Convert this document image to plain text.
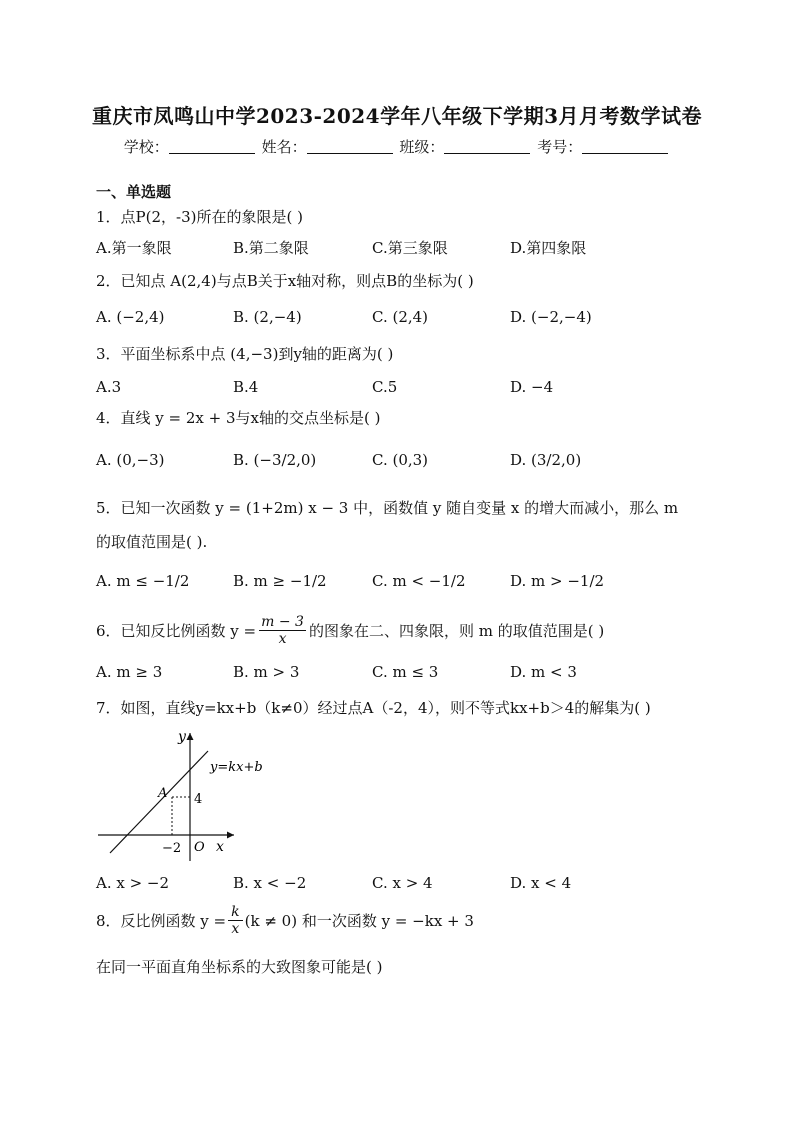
重庆市凤鸣山中学2023-2024学年八年级下学期3月月考数学试卷
学校：	姓名：	班级：	考号：
一、单选题
1．点P(2，-3)所在的象限是( )
A.第一象限	B.第二象限	C.第三象限	D.第四象限
2．已知点 A(2,4)与点B关于x轴对称，则点B的坐标为( )
A. (−2,4)	B. (2,−4)	C. (2,4)	D. (−2,−4)
3．平面坐标系中点 (4,−3)到y轴的距离为( )
A.3	B.4	C.5	D. −4
4．直线 y = 2x + 3与x轴的交点坐标是( )
A. (0,−3)	B. (−3/2,0)	C. (0,3)	D. (3/2,0)
5．已知一次函数 y = (1+2m) x − 3 中，函数值 y 随自变量 x 的增大而减小，那么 m
的取值范围是( ).
A. m ≤ −1/2	B. m ≥ −1/2	C. m < −1/2	D. m > −1/2
6．已知反比例函数 $y = \frac{m - 3}{x}$ 的图象在二、四象限，则 m 的取值范围是( )
A. m ≥ 3	B. m > 3	C. m ≤ 3	D. m < 3
7．如图，直线y=kx+b（k≠0）经过点A（-2，4），则不等式kx+b＞4的解集为( )
y
x
O
y=kx+b
A 4
−2
A. x > −2	B. x < −2	C. x > 4	D. x < 4
8．反比例函数 $y = \frac{k}{x} (k \ne 0)$ 和一次函数 y = −kx + 3
在同一平面直角坐标系的大致图象可能是( )
